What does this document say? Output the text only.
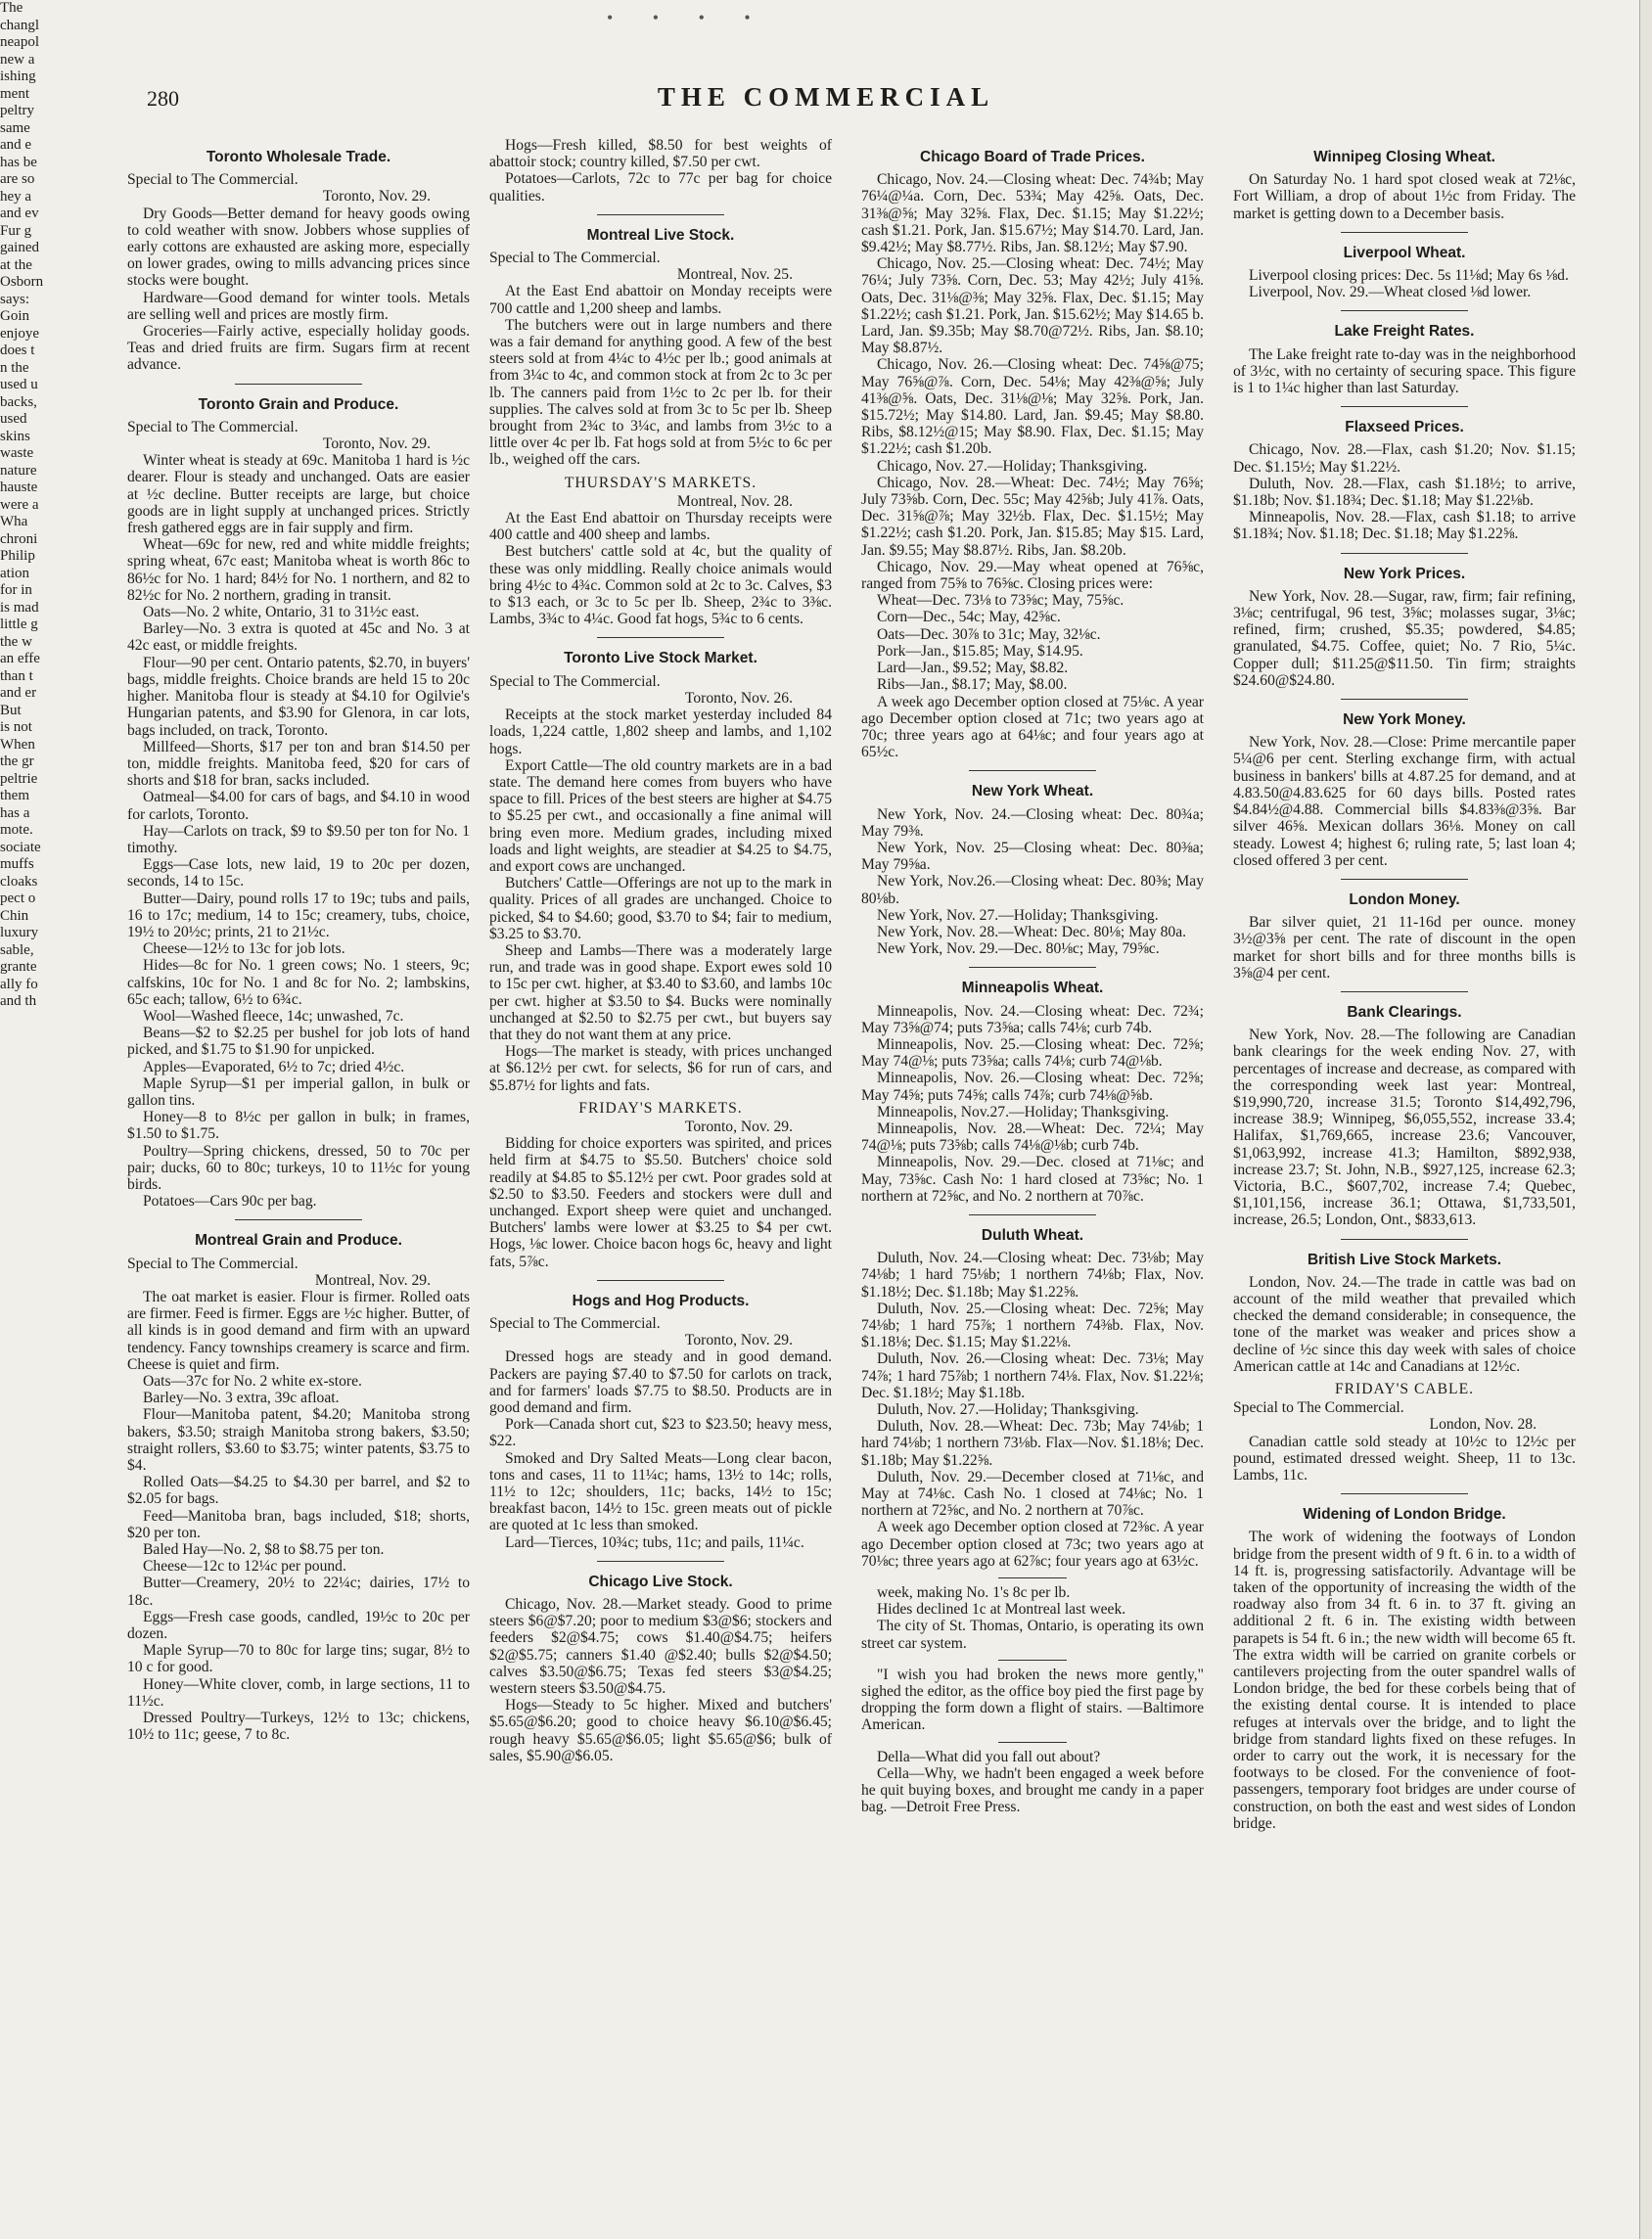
• • • •
280	THE COMMERCIAL
Toronto Wholesale Trade.

Special to The Commercial.

Toronto, Nov. 29.

Dry Goods—Better demand for heavy goods owing to cold weather with snow. Jobbers whose supplies of early cottons are exhausted are asking more, especially on lower grades, owing to mills advancing prices since stocks were bought.

Hardware—Good demand for winter tools. Metals are selling well and prices are mostly firm.

Groceries—Fairly active, especially holiday goods. Teas and dried fruits are firm. Sugars firm at recent advance.

Toronto Grain and Produce.

Special to The Commercial.

Toronto, Nov. 29.

Winter wheat is steady at 69c. Manitoba 1 hard is ½c dearer. Flour is steady and unchanged. Oats are easier at ½c decline. Butter receipts are large, but choice goods are in light supply at unchanged prices. Strictly fresh gathered eggs are in fair supply and firm.

Wheat—69c for new, red and white middle freights; spring wheat, 67c east; Manitoba wheat is worth 86c to 86½c for No. 1 hard; 84½ for No. 1 northern, and 82 to 82½c for No. 2 northern, grading in transit.

Oats—No. 2 white, Ontario, 31 to 31½c east.

Barley—No. 3 extra is quoted at 45c and No. 3 at 42c east, or middle freights.

Flour—90 per cent. Ontario patents, $2.70, in buyers' bags, middle freights. Choice brands are held 15 to 20c higher. Manitoba flour is steady at $4.10 for Ogilvie's Hungarian patents, and $3.90 for Glenora, in car lots, bags included, on track, Toronto.

Millfeed—Shorts, $17 per ton and bran $14.50 per ton, middle freights. Manitoba feed, $20 for cars of shorts and $18 for bran, sacks included.

Oatmeal—$4.00 for cars of bags, and $4.10 in wood for carlots, Toronto.

Hay—Carlots on track, $9 to $9.50 per ton for No. 1 timothy.

Eggs—Case lots, new laid, 19 to 20c per dozen, seconds, 14 to 15c.

Butter—Dairy, pound rolls 17 to 19c; tubs and pails, 16 to 17c; medium, 14 to 15c; creamery, tubs, choice, 19½ to 20½c; prints, 21 to 21½c.

Cheese—12½ to 13c for job lots.

Hides—8c for No. 1 green cows; No. 1 steers, 9c; calfskins, 10c for No. 1 and 8c for No. 2; lambskins, 65c each; tallow, 6½ to 6¾c.

Wool—Washed fleece, 14c; unwashed, 7c.

Beans—$2 to $2.25 per bushel for job lots of hand picked, and $1.75 to $1.90 for unpicked.

Apples—Evaporated, 6½ to 7c; dried 4½c.

Maple Syrup—$1 per imperial gallon, in bulk or gallon tins.

Honey—8 to 8½c per gallon in bulk; in frames, $1.50 to $1.75.

Poultry—Spring chickens, dressed, 50 to 70c per pair; ducks, 60 to 80c; turkeys, 10 to 11½c for young birds.

Potatoes—Cars 90c per bag.

Montreal Grain and Produce.

Special to The Commercial.

Montreal, Nov. 29.

The oat market is easier. Flour is firmer. Rolled oats are firmer. Feed is firmer. Eggs are ½c higher. Butter, of all kinds is in good demand and firm with an upward tendency. Fancy townships creamery is scarce and firm. Cheese is quiet and firm.

Oats—37c for No. 2 white ex-store.

Barley—No. 3 extra, 39c afloat.

Flour—Manitoba patent, $4.20; Manitoba strong bakers, $3.50; straigh Manitoba strong bakers, $3.50; straight rollers, $3.60 to $3.75; winter patents, $3.75 to $4.

Rolled Oats—$4.25 to $4.30 per barrel, and $2 to $2.05 for bags.

Feed—Manitoba bran, bags included, $18; shorts, $20 per ton.

Baled Hay—No. 2, $8 to $8.75 per ton.

Cheese—12c to 12¼c per pound.

Butter—Creamery, 20½ to 22¼c; dairies, 17½ to 18c.

Eggs—Fresh case goods, candled, 19½c to 20c per dozen.

Maple Syrup—70 to 80c for large tins; sugar, 8½ to 10 c for good.

Honey—White clover, comb, in large sections, 11 to 11½c.

Dressed Poultry—Turkeys, 12½ to 13c; chickens, 10½ to 11c; geese, 7 to 8c.

Hogs—Fresh killed, $8.50 for best weights of abattoir stock; country killed, $7.50 per cwt.

Potatoes—Carlots, 72c to 77c per bag for choice qualities.

Montreal Live Stock.

Special to The Commercial.

Montreal, Nov. 25.

At the East End abattoir on Monday receipts were 700 cattle and 1,200 sheep and lambs.

The butchers were out in large numbers and there was a fair demand for anything good. A few of the best steers sold at from 4¼c to 4½c per lb.; good animals at from 3¼c to 4c, and common stock at from 2c to 3c per lb. The canners paid from 1½c to 2c per lb. for their supplies. The calves sold at from 3c to 5c per lb. Sheep brought from 2¾c to 3¼c, and lambs from 3½c to a little over 4c per lb. Fat hogs sold at from 5½c to 6c per lb., weighed off the cars.

THURSDAY'S MARKETS.

Montreal, Nov. 28.

At the East End abattoir on Thursday receipts were 400 cattle and 400 sheep and lambs.

Best butchers' cattle sold at 4c, but the quality of these was only middling. Really choice animals would bring 4½c to 4¾c. Common sold at 2c to 3c. Calves, $3 to $13 each, or 3c to 5c per lb. Sheep, 2¾c to 3⅜c. Lambs, 3¾c to 4¼c. Good fat hogs, 5¾c to 6 cents.

Toronto Live Stock Market.

Special to The Commercial.

Toronto, Nov. 26.

Receipts at the stock market yesterday included 84 loads, 1,224 cattle, 1,802 sheep and lambs, and 1,102 hogs.

Export Cattle—The old country markets are in a bad state. The demand here comes from buyers who have space to fill. Prices of the best steers are higher at $4.75 to $5.25 per cwt., and occasionally a fine animal will bring even more. Medium grades, including mixed loads and light weights, are steadier at $4.25 to $4.75, and export cows are unchanged.

Butchers' Cattle—Offerings are not up to the mark in quality. Prices of all grades are unchanged. Choice to picked, $4 to $4.60; good, $3.70 to $4; fair to medium, $3.25 to $3.70.

Sheep and Lambs—There was a moderately large run, and trade was in good shape. Export ewes sold 10 to 15c per cwt. higher, at $3.40 to $3.60, and lambs 10c per cwt. higher at $3.50 to $4. Bucks were nominally unchanged at $2.50 to $2.75 per cwt., but buyers say that they do not want them at any price.

Hogs—The market is steady, with prices unchanged at $6.12½ per cwt. for selects, $6 for run of cars, and $5.87½ for lights and fats.

FRIDAY'S MARKETS.

Toronto, Nov. 29.

Bidding for choice exporters was spirited, and prices held firm at $4.75 to $5.50. Butchers' choice sold readily at $4.85 to $5.12½ per cwt. Poor grades sold at $2.50 to $3.50. Feeders and stockers were dull and unchanged. Export sheep were quiet and unchanged. Butchers' lambs were lower at $3.25 to $4 per cwt. Hogs, ⅛c lower. Choice bacon hogs 6c, heavy and light fats, 5⅞c.

Hogs and Hog Products.

Special to The Commercial.

Toronto, Nov. 29.

Dressed hogs are steady and in good demand. Packers are paying $7.40 to $7.50 for carlots on track, and for farmers' loads $7.75 to $8.50. Products are in good demand and firm.

Pork—Canada short cut, $23 to $23.50; heavy mess, $22.

Smoked and Dry Salted Meats—Long clear bacon, tons and cases, 11 to 11¼c; hams, 13½ to 14c; rolls, 11½ to 12c; shoulders, 11c; backs, 14½ to 15c; breakfast bacon, 14½ to 15c. green meats out of pickle are quoted at 1c less than smoked.

Lard—Tierces, 10¾c; tubs, 11c; and pails, 11¼c.

Chicago Live Stock.

Chicago, Nov. 28.—Market steady. Good to prime steers $6@$7.20; poor to medium $3@$6; stockers and feeders $2@$4.75; cows $1.40@$4.75; heifers $2@$5.75; canners $1.40 @$2.40; bulls $2@$4.50; calves $3.50@$6.75; Texas fed steers $3@$4.25; western steers $3.50@$4.75.

Hogs—Steady to 5c higher. Mixed and butchers' $5.65@$6.20; good to choice heavy $6.10@$6.45; rough heavy $5.65@$6.05; light $5.65@$6; bulk of sales, $5.90@$6.05.

Chicago Board of Trade Prices.

Chicago, Nov. 24.—Closing wheat: Dec. 74¾b; May 76¼@¼a. Corn, Dec. 53¾; May 42⅝. Oats, Dec. 31⅜@⅝; May 32⅝. Flax, Dec. $1.15; May $1.22½; cash $1.21. Pork, Jan. $15.67½; May $14.70. Lard, Jan. $9.42½; May $8.77½. Ribs, Jan. $8.12½; May $7.90.

Chicago, Nov. 25.—Closing wheat: Dec. 74½; May 76¼; July 73⅝. Corn, Dec. 53; May 42½; July 41⅝. Oats, Dec. 31⅛@⅜; May 32⅝. Flax, Dec. $1.15; May $1.22½; cash $1.21. Pork, Jan. $15.62½; May $14.65 b. Lard, Jan. $9.35b; May $8.70@72½. Ribs, Jan. $8.10; May $8.87½.

Chicago, Nov. 26.—Closing wheat: Dec. 74⅝@75; May 76⅝@⅞. Corn, Dec. 54⅛; May 42⅜@⅝; July 41⅜@⅝. Oats, Dec. 31⅛@⅛; May 32⅝. Pork, Jan. $15.72½; May $14.80. Lard, Jan. $9.45; May $8.80. Ribs, $8.12½@15; May $8.90. Flax, Dec. $1.15; May $1.22½; cash $1.20b.

Chicago, Nov. 27.—Holiday; Thanksgiving.

Chicago, Nov. 28.—Wheat: Dec. 74½; May 76⅝; July 73⅝b. Corn, Dec. 55c; May 42⅝b; July 41⅞. Oats, Dec. 31⅝@⅞; May 32½b. Flax, Dec. $1.15½; May $1.22½; cash $1.20. Pork, Jan. $15.85; May $15. Lard, Jan. $9.55; May $8.87½. Ribs, Jan. $8.20b.

Chicago, Nov. 29.—May wheat opened at 76⅝c, ranged from 75⅝ to 76⅝c. Closing prices were:

Wheat—Dec. 73⅛ to 73⅝c; May, 75⅝c.

Corn—Dec., 54c; May, 42⅝c.

Oats—Dec. 30⅞ to 31c; May, 32⅛c.

Pork—Jan., $15.85; May, $14.95.

Lard—Jan., $9.52; May, $8.82.

Ribs—Jan., $8.17; May, $8.00.

A week ago December option closed at 75⅛c. A year ago December option closed at 71c; two years ago at 70c; three years ago at 64⅛c; and four years ago at 65½c.

New York Wheat.

New York, Nov. 24.—Closing wheat: Dec. 80¾a; May 79⅜.

New York, Nov. 25—Closing wheat: Dec. 80⅜a; May 79⅝a.

New York, Nov.26.—Closing wheat: Dec. 80⅜; May 80⅛b.

New York, Nov. 27.—Holiday; Thanksgiving.

New York, Nov. 28.—Wheat: Dec. 80⅛; May 80a.

New York, Nov. 29.—Dec. 80⅛c; May, 79⅝c.

Minneapolis Wheat.

Minneapolis, Nov. 24.—Closing wheat: Dec. 72¾; May 73⅝@74; puts 73⅝a; calls 74⅛; curb 74b.

Minneapolis, Nov. 25.—Closing wheat: Dec. 72⅝; May 74@⅛; puts 73⅝a; calls 74⅛; curb 74@⅛b.

Minneapolis, Nov. 26.—Closing wheat: Dec. 72⅝; May 74⅝; puts 74⅝; calls 74⅞; curb 74⅛@⅝b.

Minneapolis, Nov.27.—Holiday; Thanksgiving.

Minneapolis, Nov. 28.—Wheat: Dec. 72¼; May 74@⅛; puts 73⅝b; calls 74⅛@⅛b; curb 74b.

Minneapolis, Nov. 29.—Dec. closed at 71⅛c; and May, 73⅝c. Cash No: 1 hard closed at 73⅝c; No. 1 northern at 72⅝c, and No. 2 northern at 70⅞c.

Duluth Wheat.

Duluth, Nov. 24.—Closing wheat: Dec. 73⅛b; May 74⅛b; 1 hard 75⅛b; 1 northern 74⅛b; Flax, Nov. $1.18½; Dec. $1.18b; May $1.22⅝.

Duluth, Nov. 25.—Closing wheat: Dec. 72⅝; May 74⅛b; 1 hard 75⅞; 1 northern 74⅜b. Flax, Nov. $1.18⅛; Dec. $1.15; May $1.22⅛.

Duluth, Nov. 26.—Closing wheat: Dec. 73⅛; May 74⅞; 1 hard 75⅞b; 1 northern 74⅛. Flax, Nov. $1.22⅛; Dec. $1.18½; May $1.18b.

Duluth, Nov. 27.—Holiday; Thanksgiving.

Duluth, Nov. 28.—Wheat: Dec. 73b; May 74⅛b; 1 hard 74⅛b; 1 northern 73⅛b. Flax—Nov. $1.18⅛; Dec. $1.18b; May $1.22⅝.

Duluth, Nov. 29.—December closed at 71⅛c, and May at 74⅛c. Cash No. 1 closed at 74⅛c; No. 1 northern at 72⅝c, and No. 2 northern at 70⅞c.

A week ago December option closed at 72⅜c. A year ago December option closed at 73c; two years ago at 70⅛c; three years ago at 62⅞c; four years ago at 63½c.

week, making No. 1's 8c per lb.

Hides declined 1c at Montreal last week.

The city of St. Thomas, Ontario, is operating its own street car system.

"I wish you had broken the news more gently," sighed the editor, as the office boy pied the first page by dropping the form down a flight of stairs. —Baltimore American.

Della—What did you fall out about?

Cella—Why, we hadn't been engaged a week before he quit buying boxes, and brought me candy in a paper bag. —Detroit Free Press.

Winnipeg Closing Wheat.

On Saturday No. 1 hard spot closed weak at 72⅛c, Fort William, a drop of about 1½c from Friday. The market is getting down to a December basis.

Liverpool Wheat.

Liverpool closing prices: Dec. 5s 11⅛d; May 6s ⅛d.

Liverpool, Nov. 29.—Wheat closed ⅛d lower.

Lake Freight Rates.

The Lake freight rate to-day was in the neighborhood of 3½c, with no certainty of securing space. This figure is 1 to 1¼c higher than last Saturday.

Flaxseed Prices.

Chicago, Nov. 28.—Flax, cash $1.20; Nov. $1.15; Dec. $1.15½; May $1.22½.

Duluth, Nov. 28.—Flax, cash $1.18½; to arrive, $1.18b; Nov. $1.18¾; Dec. $1.18; May $1.22⅛b.

Minneapolis, Nov. 28.—Flax, cash $1.18; to arrive $1.18¾; Nov. $1.18; Dec. $1.18; May $1.22⅝.

New York Prices.

New York, Nov. 28.—Sugar, raw, firm; fair refining, 3⅛c; centrifugal, 96 test, 3⅝c; molasses sugar, 3⅛c; refined, firm; crushed, $5.35; powdered, $4.85; granulated, $4.75. Coffee, quiet; No. 7 Rio, 5¼c. Copper dull; $11.25@$11.50. Tin firm; straights $24.60@$24.80.

New York Money.

New York, Nov. 28.—Close: Prime mercantile paper 5¼@6 per cent. Sterling exchange firm, with actual business in bankers' bills at 4.87.25 for demand, and at 4.83.50@4.83.625 for 60 days bills. Posted rates $4.84½@4.88. Commercial bills $4.83⅜@3⅝. Bar silver 46⅝. Mexican dollars 36⅛. Money on call steady. Lowest 4; highest 6; ruling rate, 5; last loan 4; closed offered 3 per cent.

London Money.

Bar silver quiet, 21 11-16d per ounce. money 3½@3⅝ per cent. The rate of discount in the open market for short bills and for three months bills is 3⅝@4 per cent.

Bank Clearings.

New York, Nov. 28.—The following are Canadian bank clearings for the week ending Nov. 27, with percentages of increase and decrease, as compared with the corresponding week last year: Montreal, $19,990,720, increase 31.5; Toronto $14,492,796, increase 38.9; Winnipeg, $6,055,552, increase 33.4; Halifax, $1,769,665, increase 23.6; Vancouver, $1,063,992, increase 41.3; Hamilton, $892,938, increase 23.7; St. John, N.B., $927,125, increase 62.3; Victoria, B.C., $607,702, increase 7.4; Quebec, $1,101,156, increase 36.1; Ottawa, $1,733,501, increase, 26.5; London, Ont., $833,613.

British Live Stock Markets.

London, Nov. 24.—The trade in cattle was bad on account of the mild weather that prevailed which checked the demand considerable; in consequence, the tone of the market was weaker and prices show a decline of ½c since this day week with sales of choice American cattle at 14c and Canadians at 12½c.

FRIDAY'S CABLE.

Special to The Commercial.

London, Nov. 28.

Canadian cattle sold steady at 10½c to 12½c per pound, estimated dressed weight. Sheep, 11 to 13c. Lambs, 11c.

Widening of London Bridge.

The work of widening the footways of London bridge from the present width of 9 ft. 6 in. to a width of 14 ft. is, progressing satisfactorily. Advantage will be taken of the opportunity of increasing the width of the roadway also from 34 ft. 6 in. to 37 ft. giving an additional 2 ft. 6 in. The existing width between parapets is 54 ft. 6 in.; the new width will become 65 ft. The extra width will be carried on granite corbels or cantilevers projecting from the outer spandrel walls of London bridge, the bed for these corbels being that of the existing dental course. It is intended to place refuges at intervals over the bridge, and to light the bridge from standard lights fixed on these refuges. In order to carry out the work, it is necessary for the footways to be closed. For the convenience of foot-passengers, temporary foot bridges are under course of construction, on both the east and west sides of London bridge.

The
changl
neapol
new a
ishing
ment
peltry
same
and e
has be
are so
hey a
and ev
Fur g
gained
at the
Osborn
says:
Goin
enjoye
does t
n the
used u
backs,
used
skins
waste
nature
hauste
were a
Wha
chroni
Philip
ation
for in
is mad
little g
the w
an effe
than t
and er
But
is not
When
the gr
peltrie
them
has a
mote.
sociate
muffs
cloaks
pect o
Chin
luxury
sable,
grante
ally fo
and th
